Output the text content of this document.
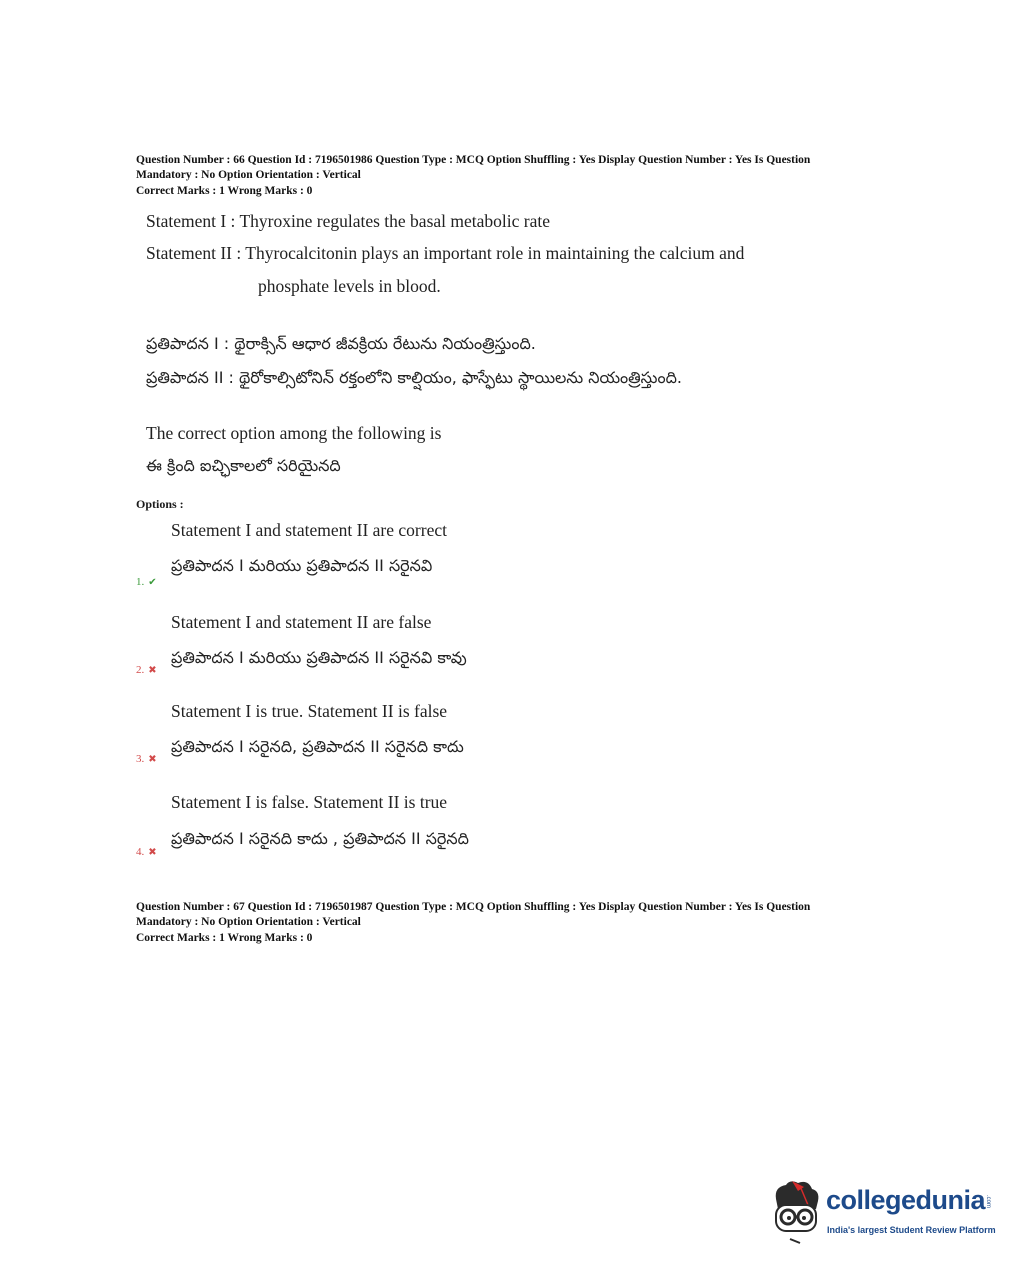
Question Number : 66 Question Id : 7196501986 Question Type : MCQ Option Shuffling : Yes Display Question Number : Yes Is Question

Mandatory : No Option Orientation : Vertical

Correct Marks : 1 Wrong Marks : 0

Statement I : Thyroxine regulates the basal metabolic rate
Statement II : Thyrocalcitonin plays an important role in maintaining the calcium and
phosphate levels in blood.
ప్రతిపాదన I : థైరాక్సిన్ ఆధార జీవక్రియ రేటును నియంత్రిస్తుంది.
ప్రతిపాదన II : థైరోకాల్సిటోనిన్ రక్తంలోని కాల్షియం, ఫాస్ఫేటు స్థాయిలను నియంత్రిస్తుంది.
The correct option among the following is
ఈ క్రింది ఐచ్ఛికాలలో సరియైనది
Options :
Statement I and statement II are correct
ప్రతిపాదన I మరియు ప్రతిపాదన II సరైనవి
1. ✔
Statement I and statement II are false
ప్రతిపాదన I మరియు ప్రతిపాదన II సరైనవి కావు
2. ✖
Statement I is true. Statement II is false
ప్రతిపాదన I సరైనది, ప్రతిపాదన II సరైనది కాదు
3. ✖
Statement I is false. Statement II is true
ప్రతిపాదన I సరైనది కాదు , ప్రతిపాదన II సరైనది
4. ✖

Question Number : 67 Question Id : 7196501987 Question Type : MCQ Option Shuffling : Yes Display Question Number : Yes Is Question

Mandatory : No Option Orientation : Vertical

Correct Marks : 1 Wrong Marks : 0

collegedunia .com
India's largest Student Review Platform
